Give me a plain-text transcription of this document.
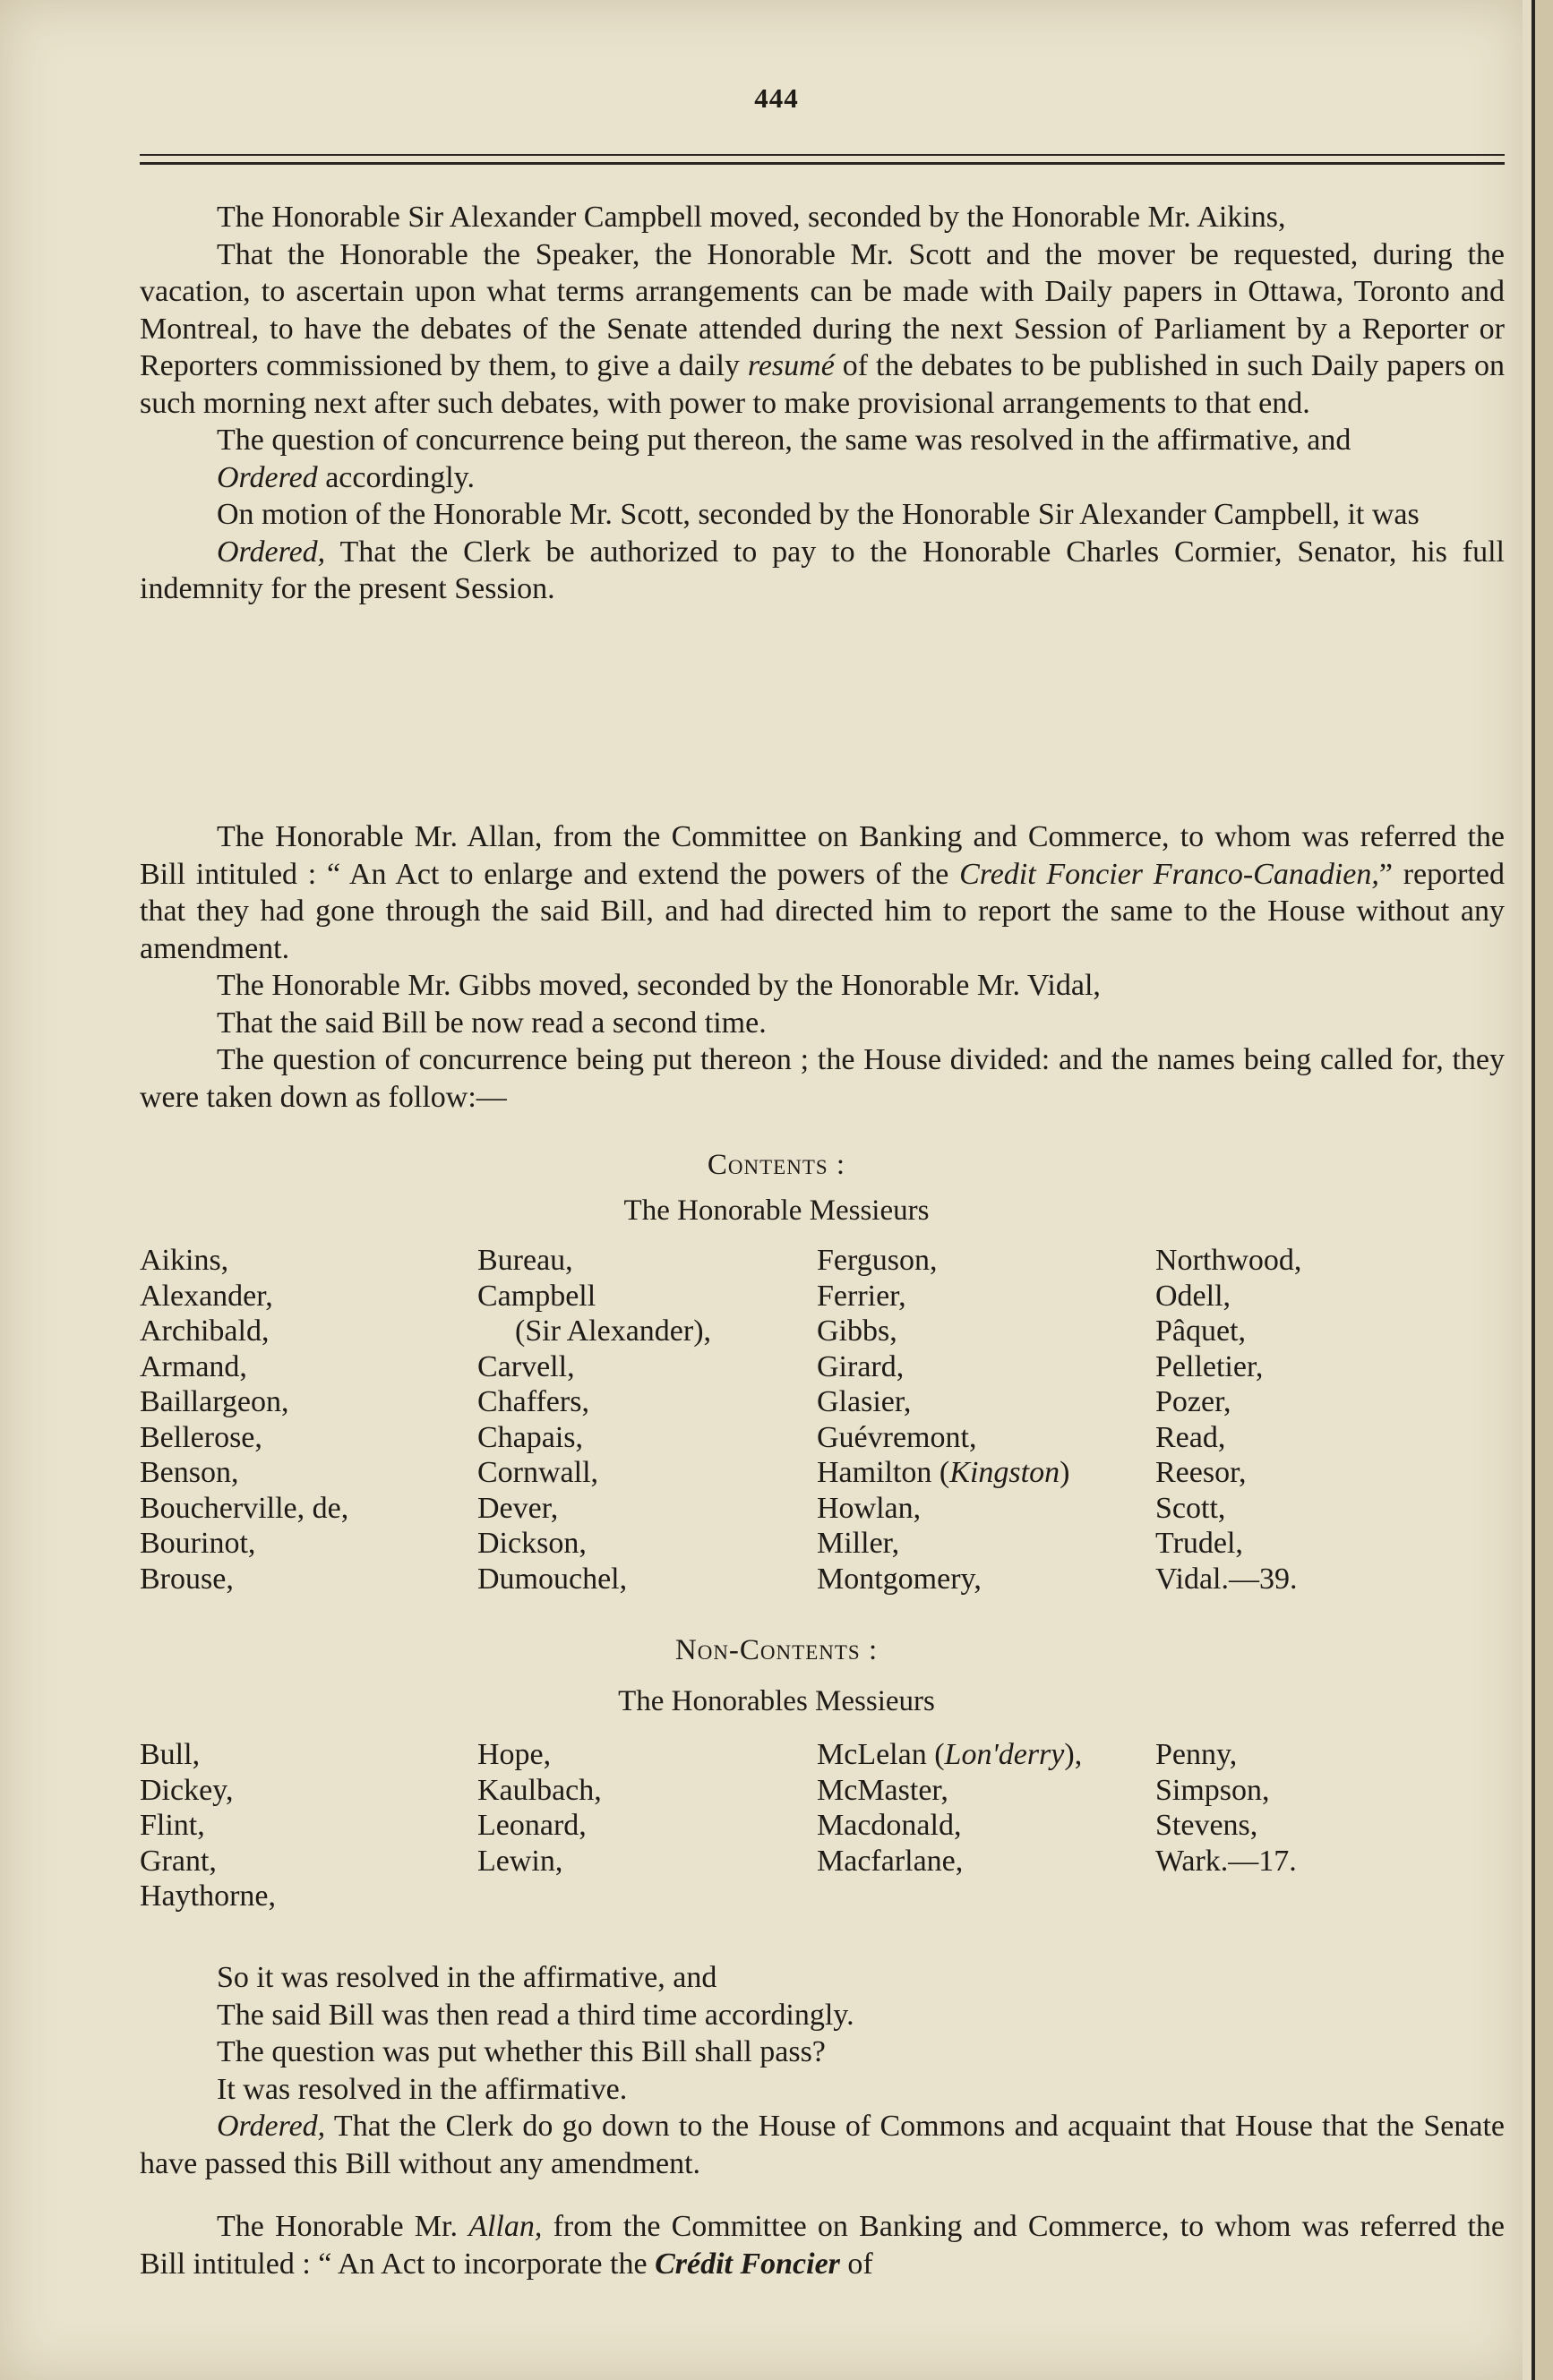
444

The Honorable Sir Alexander Campbell moved, seconded by the Honorable Mr. Aikins,

That the Honorable the Speaker, the Honorable Mr. Scott and the mover be requested, during the vacation, to ascertain upon what terms arrangements can be made with Daily papers in Ottawa, Toronto and Montreal, to have the debates of the Senate attended during the next Session of Parliament by a Reporter or Reporters commissioned by them, to give a daily resumé of the debates to be published in such Daily papers on such morning next after such debates, with power to make provisional arrangements to that end.

The question of concurrence being put thereon, the same was resolved in the affirmative, and

Ordered accordingly.

On motion of the Honorable Mr. Scott, seconded by the Honorable Sir Alexander Campbell, it was

Ordered, That the Clerk be authorized to pay to the Honorable Charles Cormier, Senator, his full indemnity for the present Session.

The Honorable Mr. Allan, from the Committee on Banking and Commerce, to whom was referred the Bill intituled : “ An Act to enlarge and extend the powers of the Credit Foncier Franco-Canadien,” reported that they had gone through the said Bill, and had directed him to report the same to the House without any amendment.

The Honorable Mr. Gibbs moved, seconded by the Honorable Mr. Vidal,

That the said Bill be now read a second time.

The question of concurrence being put thereon ; the House divided: and the names being called for, they were taken down as follow:—

Contents :
The Honorable Messieurs
Aikins,
Alexander,
Archibald,
Armand,
Baillargeon,
Bellerose,
Benson,
Boucherville, de,
Bourinot,
Brouse,
Bureau,
Campbell
(Sir Alexander),
Carvell,
Chaffers,
Chapais,
Cornwall,
Dever,
Dickson,
Dumouchel,
Ferguson,
Ferrier,
Gibbs,
Girard,
Glasier,
Guévremont,
Hamilton (Kingston)
Howlan,
Miller,
Montgomery,
Northwood,
Odell,
Pâquet,
Pelletier,
Pozer,
Read,
Reesor,
Scott,
Trudel,
Vidal.—39.
Non-Contents :
The Honorables Messieurs
Bull,
Dickey,
Flint,
Grant,
Haythorne,
Hope,
Kaulbach,
Leonard,
Lewin,
McLelan (Lon'derry),
McMaster,
Macdonald,
Macfarlane,
Penny,
Simpson,
Stevens,
Wark.—17.

So it was resolved in the affirmative, and

The said Bill was then read a third time accordingly.

The question was put whether this Bill shall pass?

It was resolved in the affirmative.

Ordered, That the Clerk do go down to the House of Commons and acquaint that House that the Senate have passed this Bill without any amendment.

The Honorable Mr. Allan, from the Committee on Banking and Commerce, to whom was referred the Bill intituled : “ An Act to incorporate the Crédit Foncier of
